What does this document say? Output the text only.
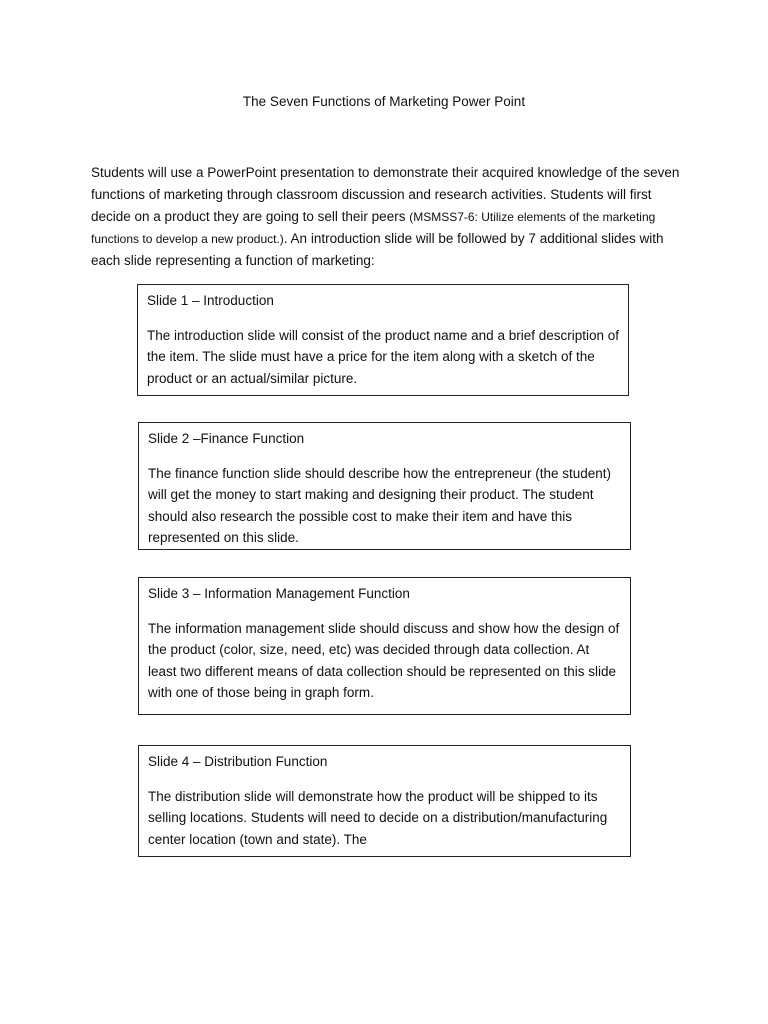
The Seven Functions of Marketing Power Point

Students will use a PowerPoint presentation to demonstrate their acquired knowledge of the seven functions of marketing through classroom discussion and research activities. Students will first decide on a product they are going to sell their peers (MSMSS7-6: Utilize elements of the marketing functions to develop a new product.). An introduction slide will be followed by 7 additional slides with each slide representing a function of marketing:

Slide 1 – Introduction

The introduction slide will consist of the product name and a brief description of the item. The slide must have a price for the item along with a sketch of the product or an actual/similar picture.

Slide 2 –Finance Function

The finance function slide should describe how the entrepreneur (the student) will get the money to start making and designing their product. The student should also research the possible cost to make their item and have this represented on this slide.

Slide 3 – Information Management Function

The information management slide should discuss and show how the design of the product (color, size, need, etc) was decided through data collection. At least two different means of data collection should be represented on this slide with one of those being in graph form.

Slide 4 – Distribution Function

The distribution slide will demonstrate how the product will be shipped to its selling locations. Students will need to decide on a distribution/manufacturing center location (town and state). The
